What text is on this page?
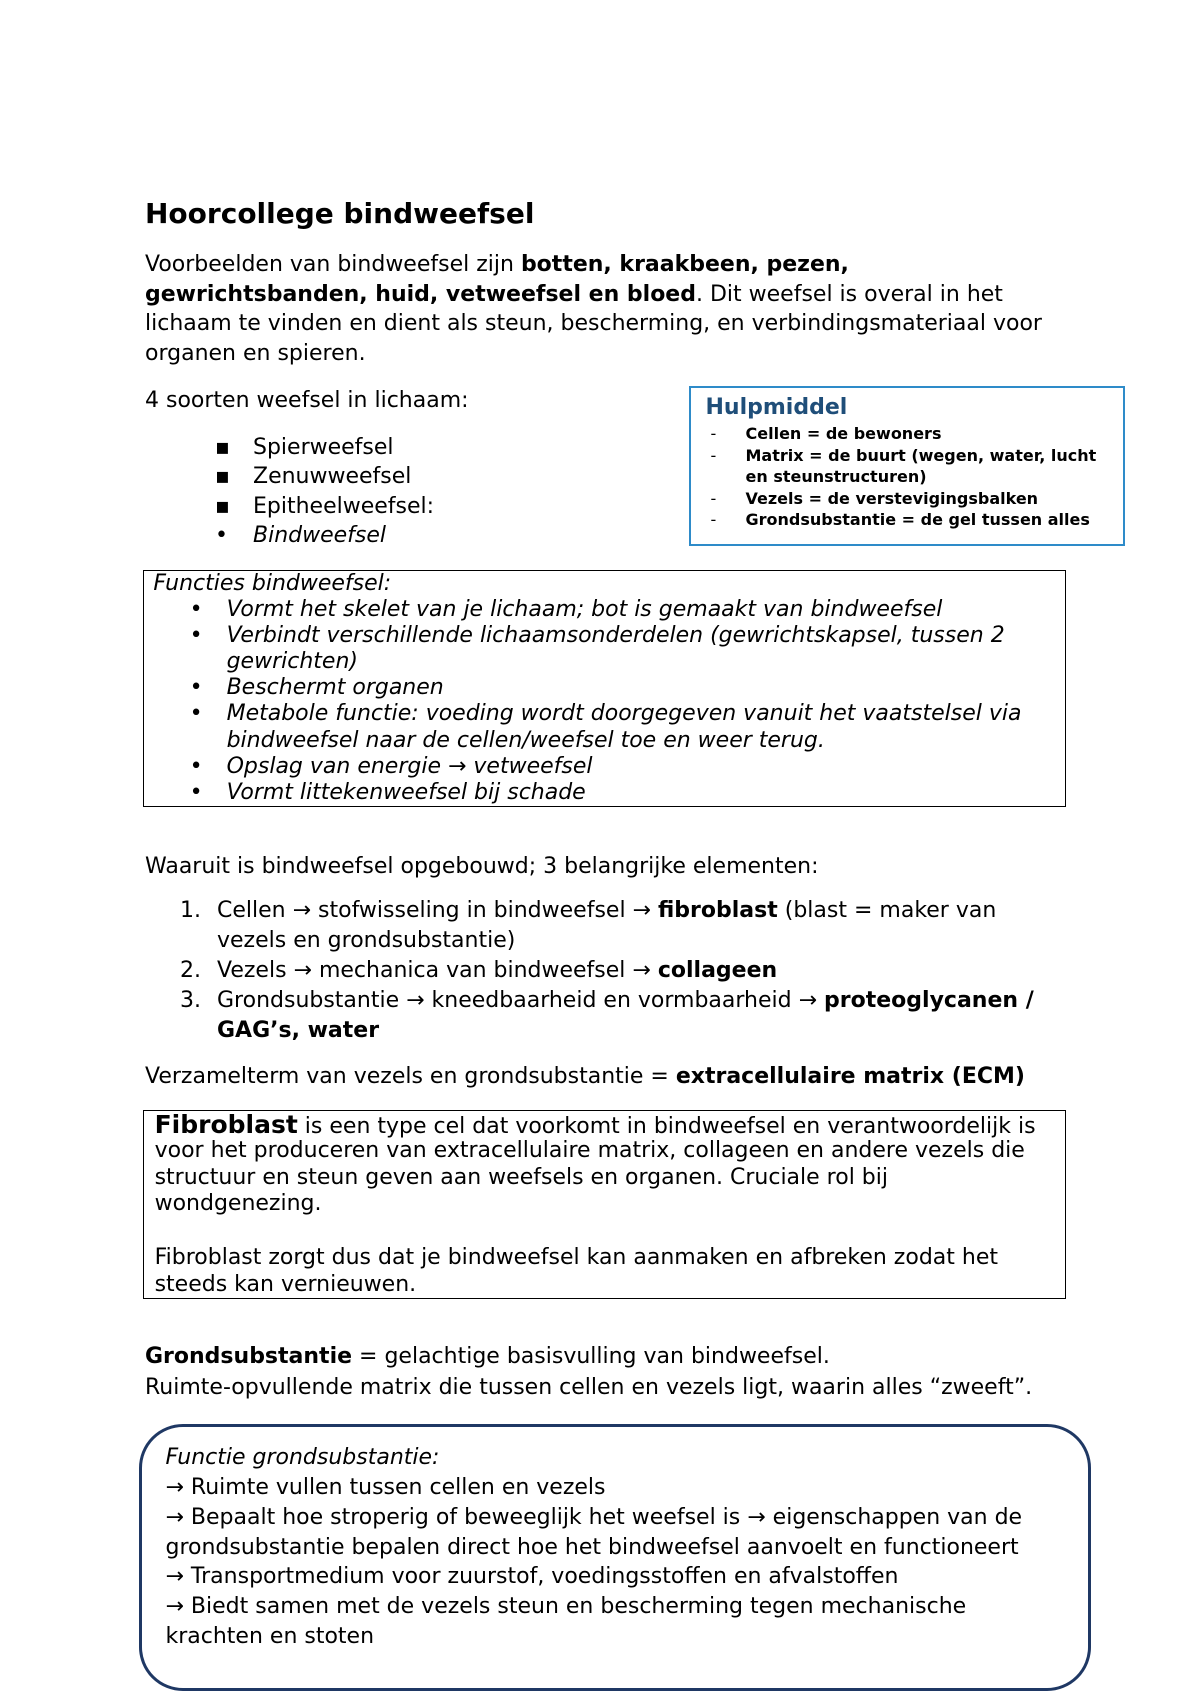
Hoorcollege bindweefsel
Voorbeelden van bindweefsel zijn botten, kraakbeen, pezen,
gewrichtsbanden, huid, vetweefsel en bloed. Dit weefsel is overal in het
lichaam te vinden en dient als steun, bescherming, en verbindingsmateriaal voor
organen en spieren.
4 soorten weefsel in lichaam:
▪ Spierweefsel
▪ Zenuwweefsel
▪ Epitheelweefsel:
• Bindweefsel
Hulpmiddel
- Cellen = de bewoners
- Matrix = de buurt (wegen, water, lucht
en steunstructuren)
- Vezels = de verstevigingsbalken
- Grondsubstantie = de gel tussen alles
Functies bindweefsel:
• Vormt het skelet van je lichaam; bot is gemaakt van bindweefsel
• Verbindt verschillende lichaamsonderdelen (gewrichtskapsel, tussen 2
gewrichten)
• Beschermt organen
• Metabole functie: voeding wordt doorgegeven vanuit het vaatstelsel via
bindweefsel naar de cellen/weefsel toe en weer terug.
• Opslag van energie → vetweefsel
• Vormt littekenweefsel bij schade
Waaruit is bindweefsel opgebouwd; 3 belangrijke elementen:
1. Cellen → stofwisseling in bindweefsel → fibroblast (blast = maker van
vezels en grondsubstantie)
2. Vezels → mechanica van bindweefsel → collageen
3. Grondsubstantie → kneedbaarheid en vormbaarheid → proteoglycanen /
GAG’s, water
Verzamelterm van vezels en grondsubstantie = extracellulaire matrix (ECM)
Fibroblast is een type cel dat voorkomt in bindweefsel en verantwoordelijk is
voor het produceren van extracellulaire matrix, collageen en andere vezels die
structuur en steun geven aan weefsels en organen. Cruciale rol bij
wondgenezing.
Fibroblast zorgt dus dat je bindweefsel kan aanmaken en afbreken zodat het
steeds kan vernieuwen.
Grondsubstantie = gelachtige basisvulling van bindweefsel.
Ruimte-opvullende matrix die tussen cellen en vezels ligt, waarin alles “zweeft”.
Functie grondsubstantie:
→ Ruimte vullen tussen cellen en vezels
→ Bepaalt hoe stroperig of beweeglijk het weefsel is → eigenschappen van de
grondsubstantie bepalen direct hoe het bindweefsel aanvoelt en functioneert
→ Transportmedium voor zuurstof, voedingsstoffen en afvalstoffen
→ Biedt samen met de vezels steun en bescherming tegen mechanische
krachten en stoten
